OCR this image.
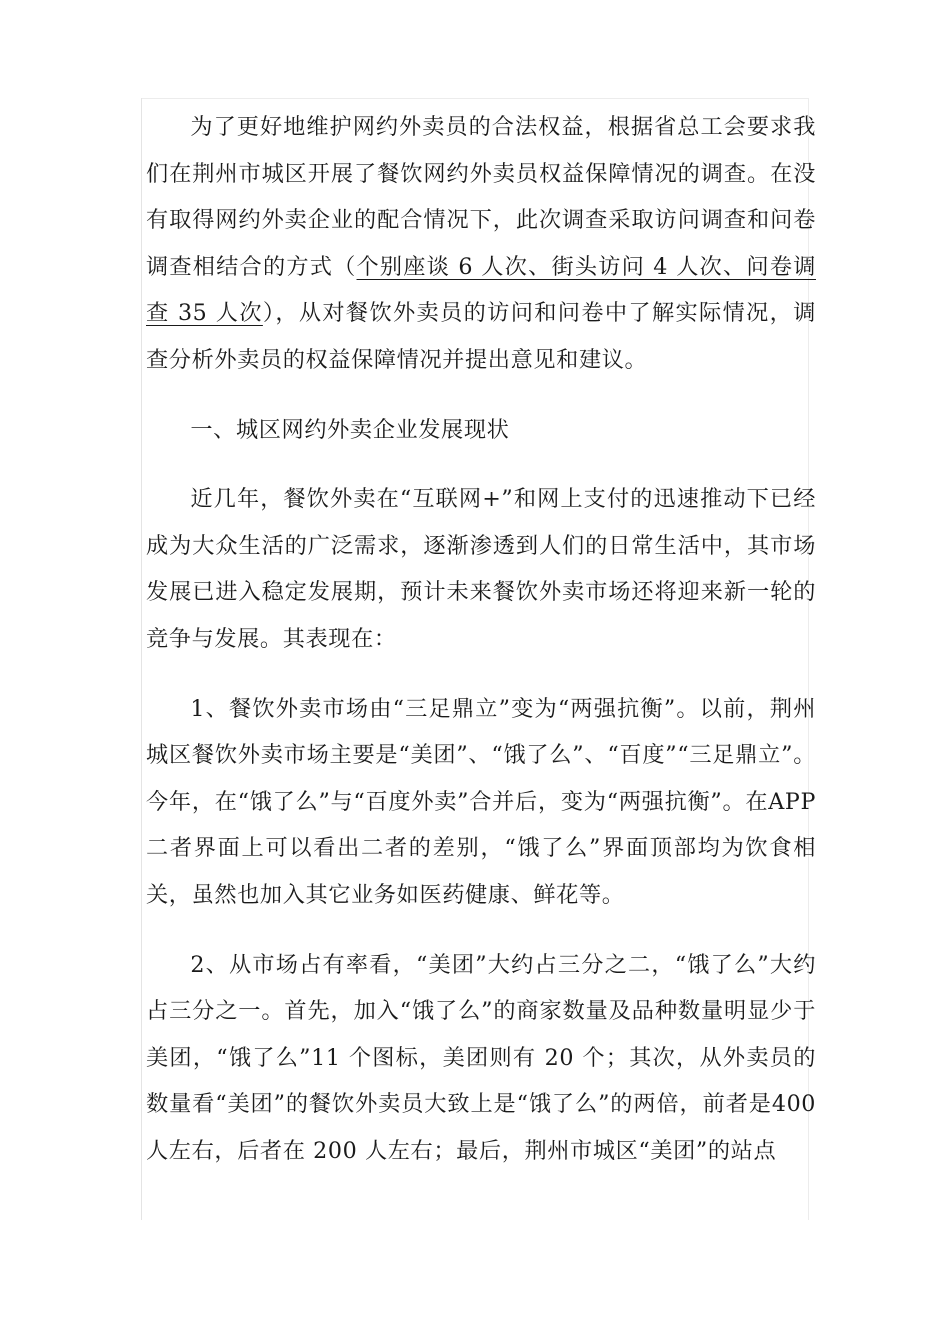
为了更好地维护网约外卖员的合法权益，根据省总工会要求我们在荆州市城区开展了餐饮网约外卖员权益保障情况的调查。在没有取得网约外卖企业的配合情况下，此次调查采取访问调查和问卷调查相结合的方式（个别座谈 6 人次、街头访问 4 人次、问卷调查 35 人次），从对餐饮外卖员的访问和问卷中了解实际情况，调查分析外卖员的权益保障情况并提出意见和建议。

一、城区网约外卖企业发展现状

近几年，餐饮外卖在“互联网+”和网上支付的迅速推动下已经成为大众生活的广泛需求，逐渐渗透到人们的日常生活中，其市场发展已进入稳定发展期，预计未来餐饮外卖市场还将迎来新一轮的竞争与发展。其表现在：

1、餐饮外卖市场由“三足鼎立”变为“两强抗衡”。以前，荆州城区餐饮外卖市场主要是“美团”、“饿了么”、“百度”“三足鼎立”。今年，在“饿了么”与“百度外卖”合并后，变为“两强抗衡”。在APP 二者界面上可以看出二者的差别，“饿了么”界面顶部均为饮食相关，虽然也加入其它业务如医药健康、鲜花等。

2、从市场占有率看，“美团”大约占三分之二，“饿了么”大约占三分之一。首先，加入“饿了么”的商家数量及品种数量明显少于美团，“饿了么”11 个图标，美团则有 20 个；其次，从外卖员的数量看“美团”的餐饮外卖员大致上是“饿了么”的两倍，前者是400 人左右，后者在 200 人左右；最后，荆州市城区“美团”的站点
